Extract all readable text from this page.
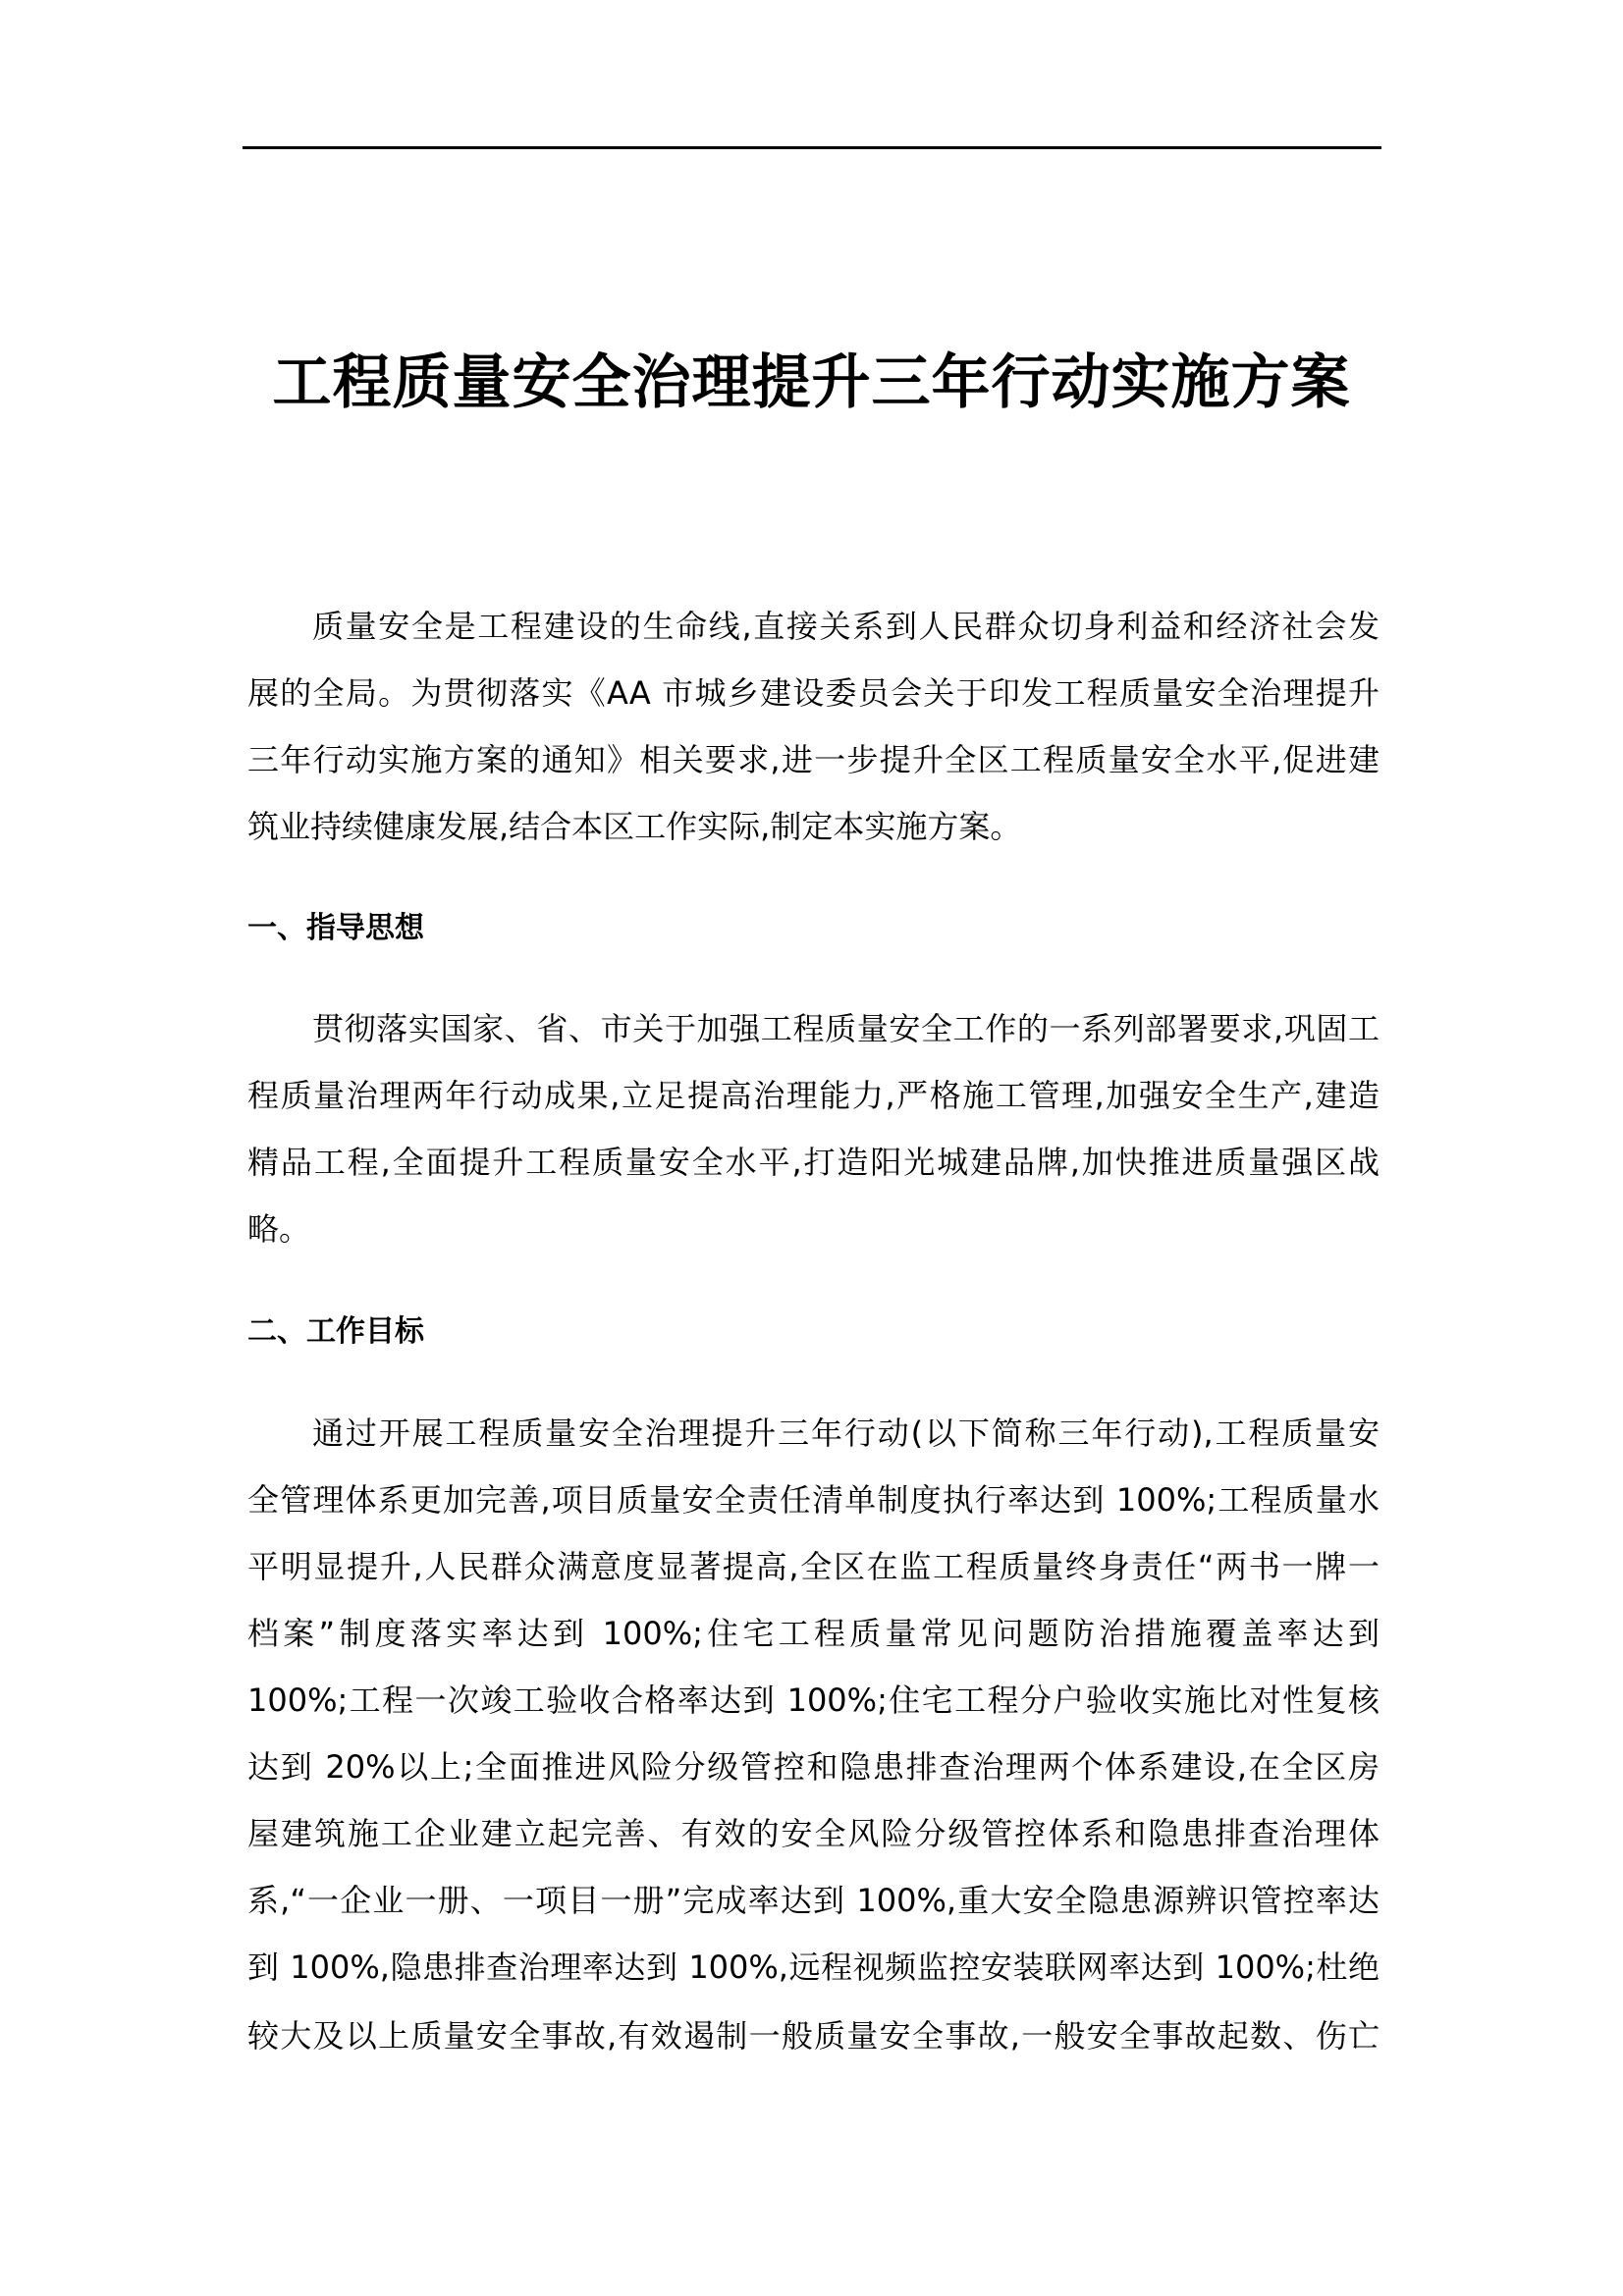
工程质量安全治理提升三年行动实施方案
质量安全是工程建设的生命线,直接关系到人民群众切身利益和经济社会发
展的全局。为贯彻落实《AA 市城乡建设委员会关于印发工程质量安全治理提升
三年行动实施方案的通知》相关要求,进一步提升全区工程质量安全水平,促进建
筑业持续健康发展,结合本区工作实际,制定本实施方案。
一、指导思想
贯彻落实国家、省、市关于加强工程质量安全工作的一系列部署要求,巩固工
程质量治理两年行动成果,立足提高治理能力,严格施工管理,加强安全生产,建造
精品工程,全面提升工程质量安全水平,打造阳光城建品牌,加快推进质量强区战
略。
二、工作目标
通过开展工程质量安全治理提升三年行动(以下简称三年行动),工程质量安
全管理体系更加完善,项目质量安全责任清单制度执行率达到 100%;工程质量水
平明显提升,人民群众满意度显著提高,全区在监工程质量终身责任“两书一牌一
档案”制度落实率达到 100%;住宅工程质量常见问题防治措施覆盖率达到
100%;工程一次竣工验收合格率达到 100%;住宅工程分户验收实施比对性复核
达到 20%以上;全面推进风险分级管控和隐患排查治理两个体系建设,在全区房
屋建筑施工企业建立起完善、有效的安全风险分级管控体系和隐患排查治理体
系,“一企业一册、一项目一册”完成率达到 100%,重大安全隐患源辨识管控率达
到 100%,隐患排查治理率达到 100%,远程视频监控安装联网率达到 100%;杜绝
较大及以上质量安全事故,有效遏制一般质量安全事故,一般安全事故起数、伤亡
